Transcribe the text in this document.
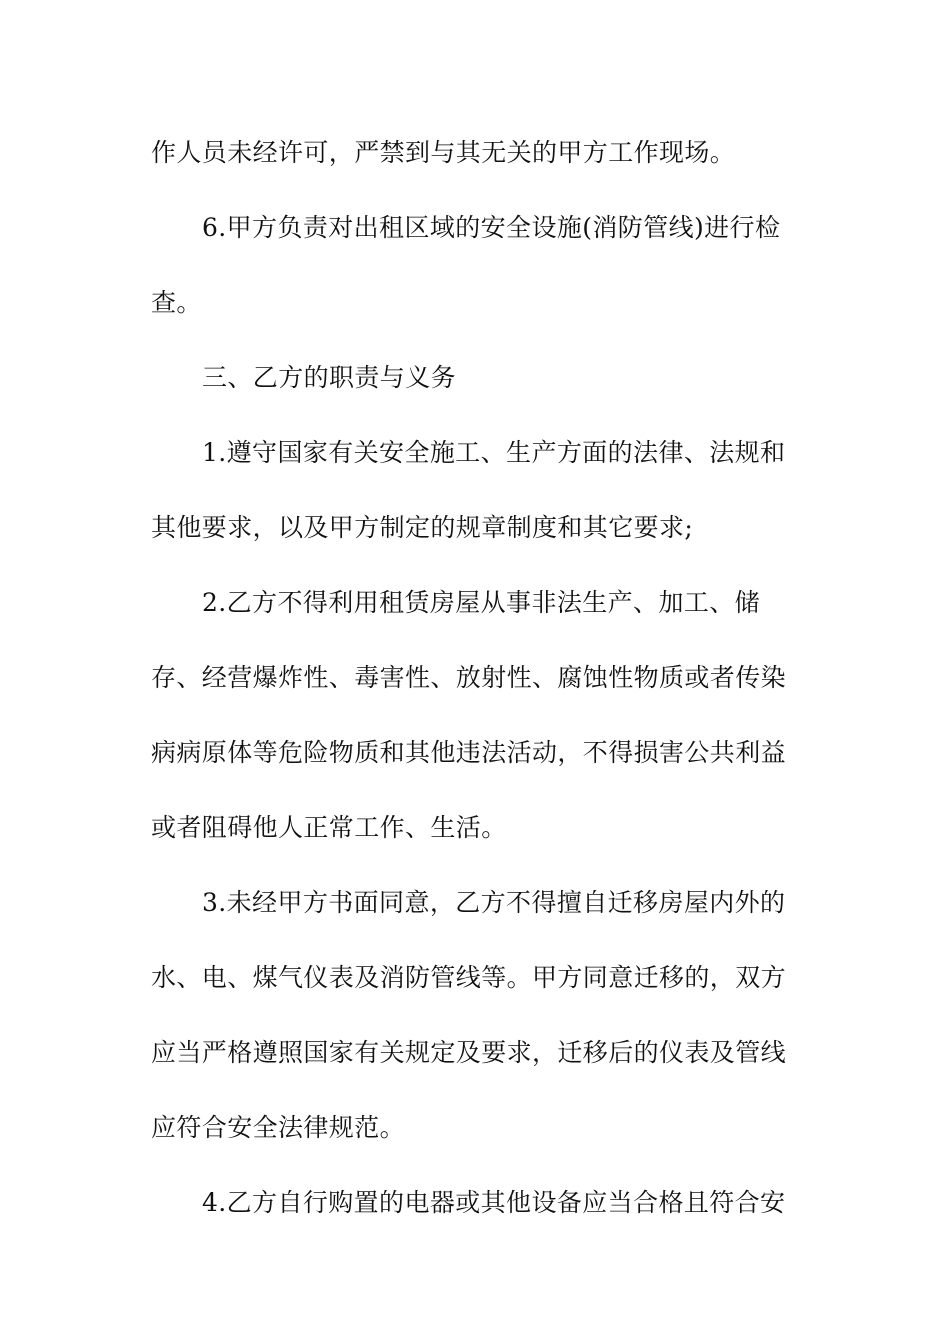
作人员未经许可，严禁到与其无关的甲方工作现场。
6.甲方负责对出租区域的安全设施(消防管线)进行检
查。
三、乙方的职责与义务
1.遵守国家有关安全施工、生产方面的法律、法规和
其他要求，以及甲方制定的规章制度和其它要求;
2.乙方不得利用租赁房屋从事非法生产、加工、储
存、经营爆炸性、毒害性、放射性、腐蚀性物质或者传染
病病原体等危险物质和其他违法活动，不得损害公共利益
或者阻碍他人正常工作、生活。
3.未经甲方书面同意，乙方不得擅自迁移房屋内外的
水、电、煤气仪表及消防管线等。甲方同意迁移的，双方
应当严格遵照国家有关规定及要求，迁移后的仪表及管线
应符合安全法律规范。
4.乙方自行购置的电器或其他设备应当合格且符合安
